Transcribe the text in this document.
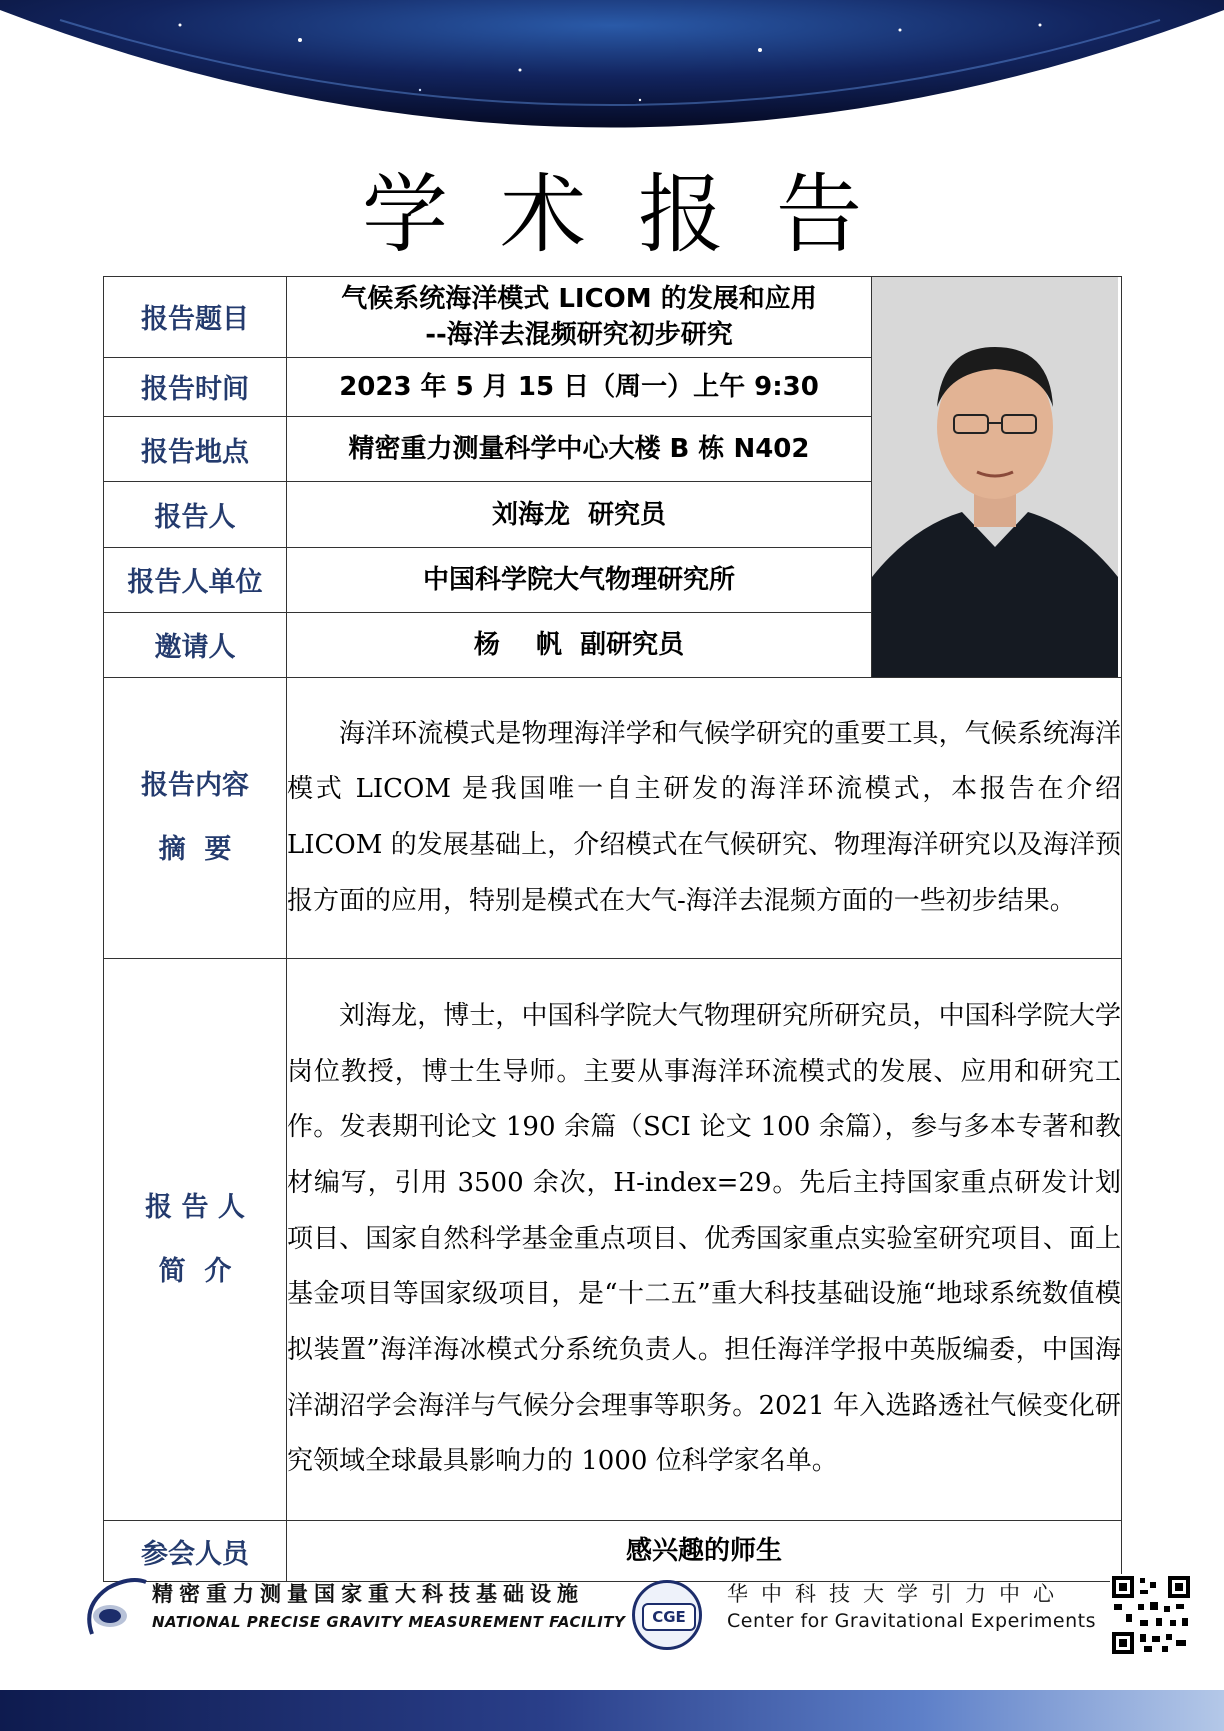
学术报告
报告题目	气候系统海洋模式 LICOM 的发展和应用
--海洋去混频研究初步研究

报告时间	2023 年 5 月 15 日（周一）上午 9:30	
报告地点	精密重力测量科学中心大楼 B 栋 N402	
报告人	刘海龙  研究员	
报告人单位	中国科学院大气物理研究所	
邀请人	杨    帆  副研究员	

报告内容
摘  要	海洋环流模式是物理海洋学和气候学研究的重要工具，气候系统海洋模式 LICOM 是我国唯一自主研发的海洋环流模式，本报告在介绍 LICOM 的发展基础上，介绍模式在气候研究、物理海洋研究以及海洋预报方面的应用，特别是模式在大气-海洋去混频方面的一些初步结果。	

报 告 人
简  介	刘海龙，博士，中国科学院大气物理研究所研究员，中国科学院大学岗位教授，博士生导师。主要从事海洋环流模式的发展、应用和研究工作。发表期刊论文 190 余篇（SCI 论文 100 余篇），参与多本专著和教材编写，引用 3500 余次，H-index=29。先后主持国家重点研发计划项目、国家自然科学基金重点项目、优秀国家重点实验室研究项目、面上基金项目等国家级项目，是“十二五”重大科技基础设施“地球系统数值模拟装置”海洋海冰模式分系统负责人。担任海洋学报中英版编委，中国海洋湖沼学会海洋与气候分会理事等职务。2021 年入选路透社气候变化研究领域全球最具影响力的 1000 位科学家名单。	

参会人员	感兴趣的师生	
精密重力测量国家重大科技基础设施
NATIONAL PRECISE GRAVITY MEASUREMENT FACILITY	CGE
华中科技大学引力中心
Center for Gravitational Experiments
